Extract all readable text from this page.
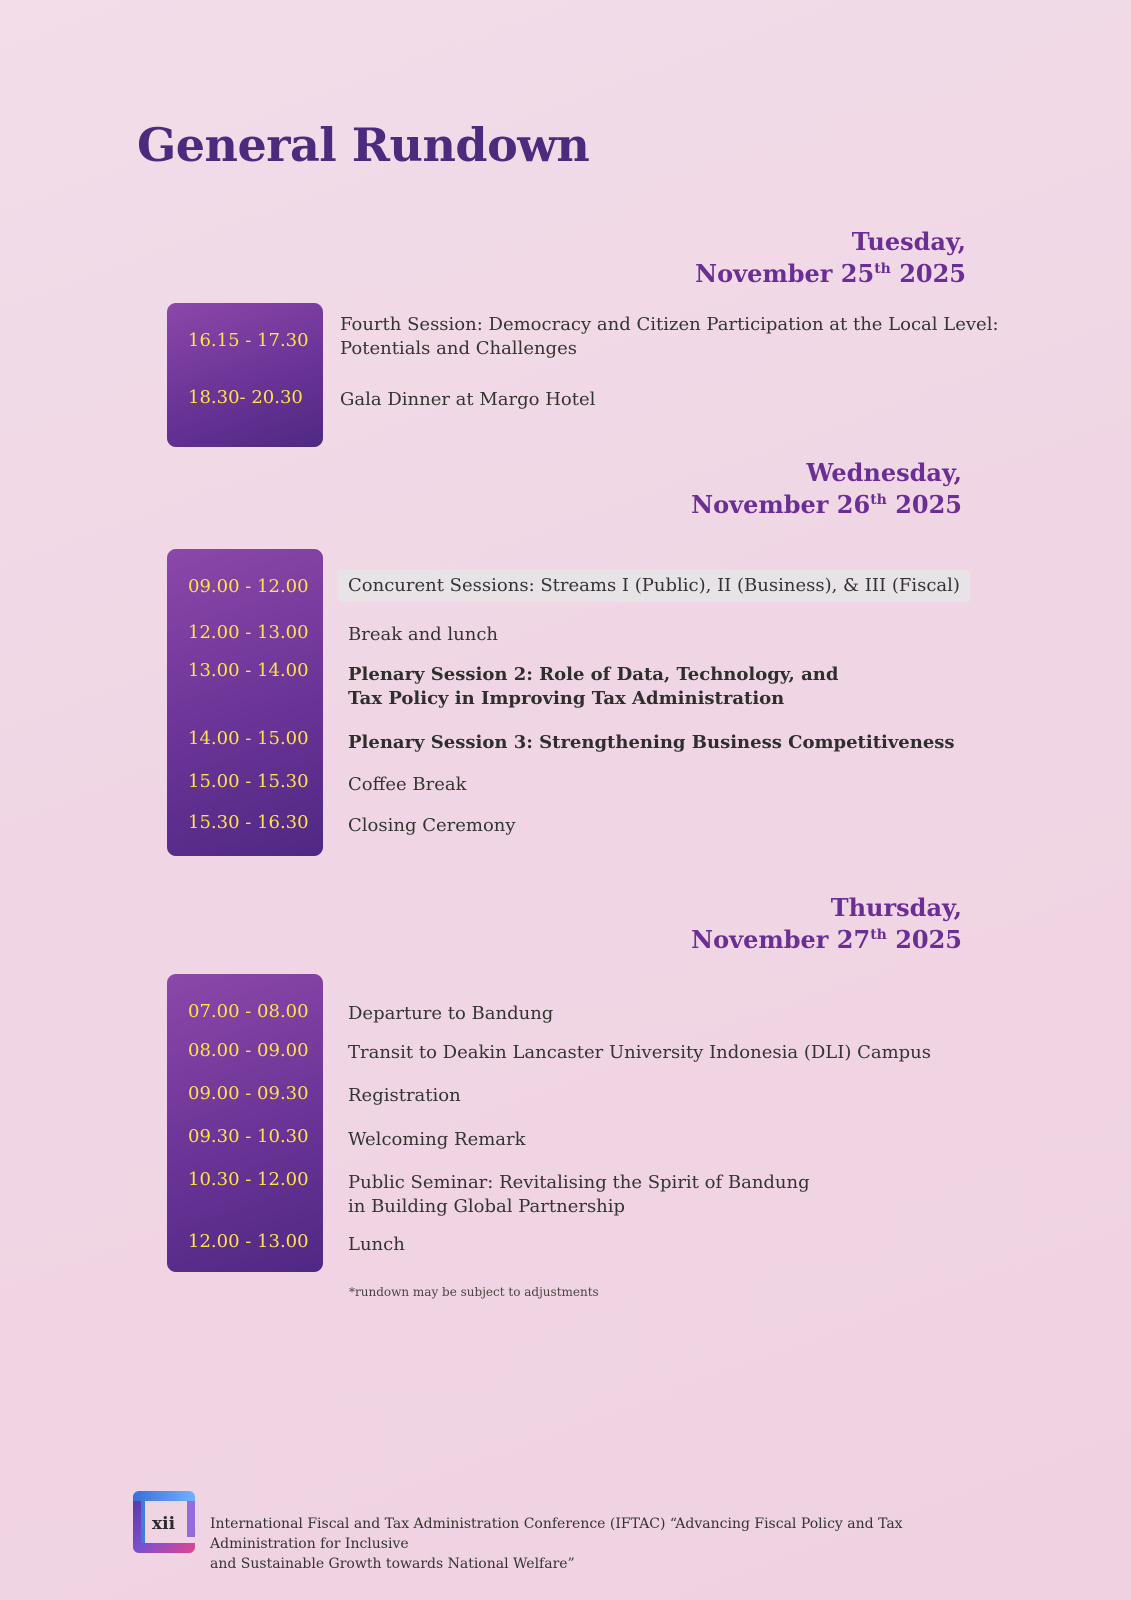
General Rundown
Tuesday,
November 25th 2025
16.15 - 17.30
Fourth Session: Democracy and Citizen Participation at the Local Level:
Potentials and Challenges
18.30- 20.30 Gala Dinner at Margo Hotel
Wednesday,
November 26th 2025
09.00 - 12.00	Concurent Sessions: Streams I (Public), II (Business), & III (Fiscal)
12.00 - 13.00 Break and lunch
13.00 - 14.00 Plenary Session 2: Role of Data, Technology, and
Tax Policy in Improving Tax Administration
14.00 - 15.00 Plenary Session 3: Strengthening Business Competitiveness
15.00 - 15.30 Coffee Break
15.30 - 16.30 Closing Ceremony
Thursday,
November 27th 2025
07.00 - 08.00 Departure to Bandung
08.00 - 09.00 Transit to Deakin Lancaster University Indonesia (DLI) Campus
09.00 - 09.30 Registration
09.30 - 10.30 Welcoming Remark
10.30 - 12.00 Public Seminar: Revitalising the Spirit of Bandung
in Building Global Partnership
12.00 - 13.00 Lunch
*rundown may be subject to adjustments
xii International Fiscal and Tax Administration Conference (IFTAC) “Advancing Fiscal Policy and Tax Administration for Inclusive
and Sustainable Growth towards National Welfare”
